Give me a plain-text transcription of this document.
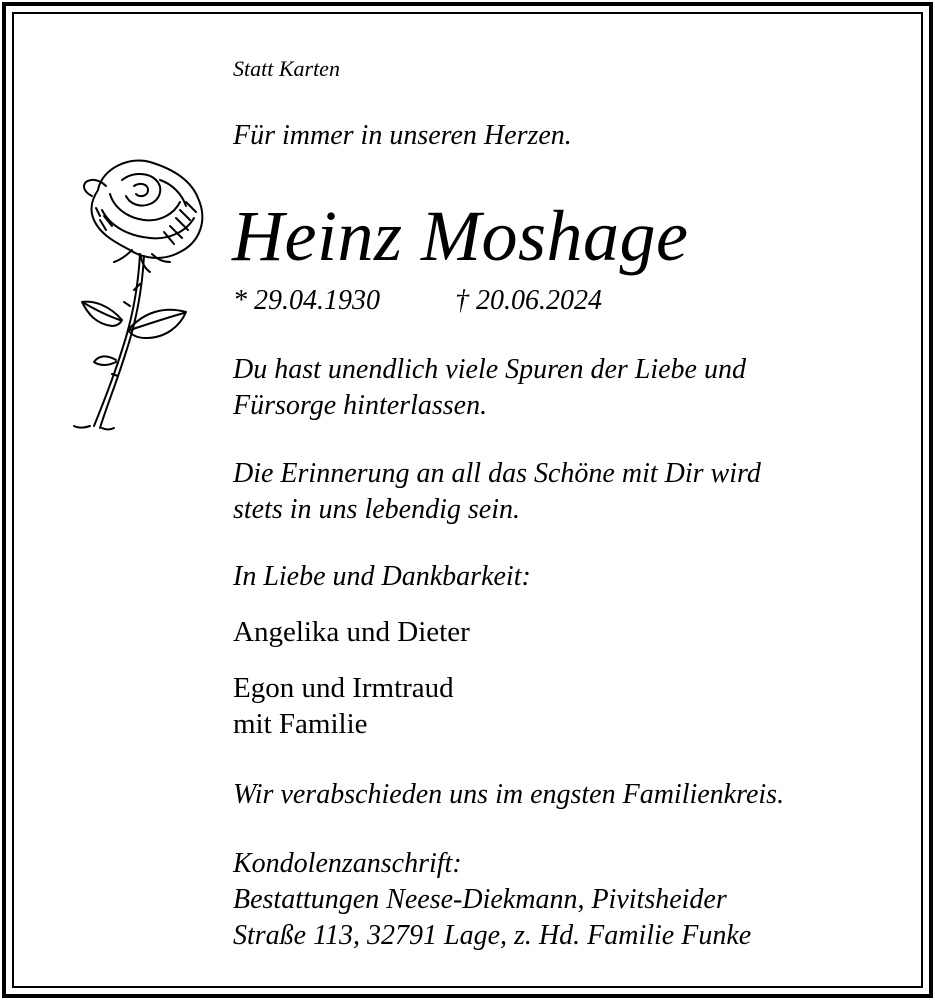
Statt Karten
Für immer in unseren Herzen.
Heinz Moshage
* 29.04.1930	† 20.06.2024
Du hast unendlich viele Spuren der Liebe und
Fürsorge hinterlassen.
Die Erinnerung an all das Schöne mit Dir wird
stets in uns lebendig sein.
In Liebe und Dankbarkeit:
Angelika und Dieter
Egon und Irmtraud
mit Familie
Wir verabschieden uns im engsten Familienkreis.
Kondolenzanschrift:
Bestattungen Neese-Diekmann, Pivitsheider
Straße 113, 32791 Lage, z. Hd. Familie Funke
